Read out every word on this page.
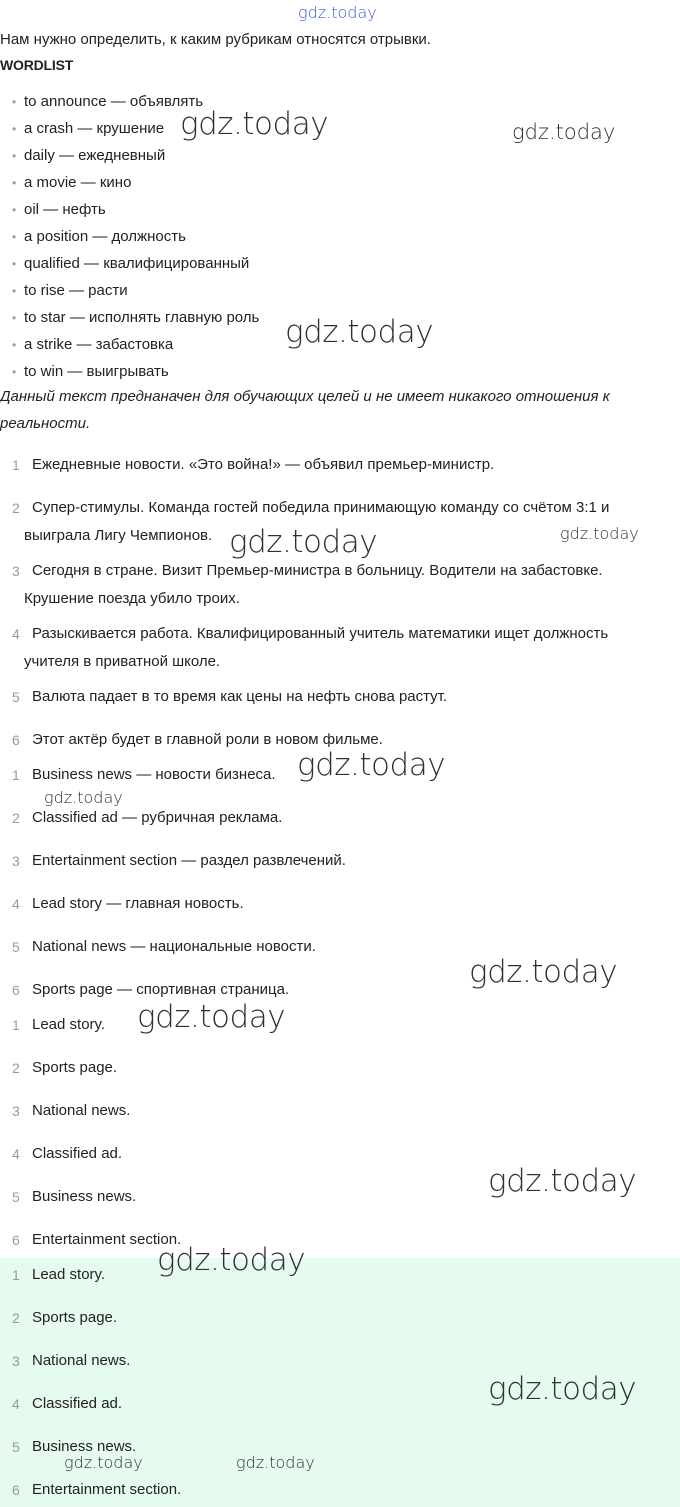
gdz.today
Нам нужно определить, к каким рубрикам относятся отрывки.
WORDLIST
• to announce — объявлять
• a crash — крушение
• daily — ежедневный
• a movie — кино
• oil — нефть
• a position — должность
• qualified — квалифицированный
• to rise — расти
• to star — исполнять главную роль
• a strike — забастовка
• to win — выигрывать
Данный текст преднаначен для обучающих целей и не имеет никакого отношения к реальности.
1 Ежедневные новости. «Это война!» — объявил премьер-министр.
2 Супер-стимулы. Команда гостей победила принимающую команду со счётом 3:1 и выиграла Лигу Чемпионов.
3 Сегодня в стране. Визит Премьер-министра в больницу. Водители на забастовке. Крушение поезда убило троих.
4 Разыскивается работа. Квалифицированный учитель математики ищет должность учителя в приватной школе.
5 Валюта падает в то время как цены на нефть снова растут.
6 Этот актёр будет в главной роли в новом фильме.
1 Business news — новости бизнеса.
2 Classified ad — рубричная реклама.
3 Entertainment section — раздел развлечений.
4 Lead story — главная новость.
5 National news — национальные новости.
6 Sports page — спортивная страница.
1 Lead story.
2 Sports page.
3 National news.
4 Classified ad.
5 Business news.
6 Entertainment section.
1 Lead story.
2 Sports page.
3 National news.
4 Classified ad.
5 Business news.
6 Entertainment section.
gdz.today	gdz.today
gdz.today
gdz.today	gdz.today
gdz.today
gdz.today
gdz.today
gdz.today
gdz.today
gdz.today
gdz.today
gdz.today	gdz.today
